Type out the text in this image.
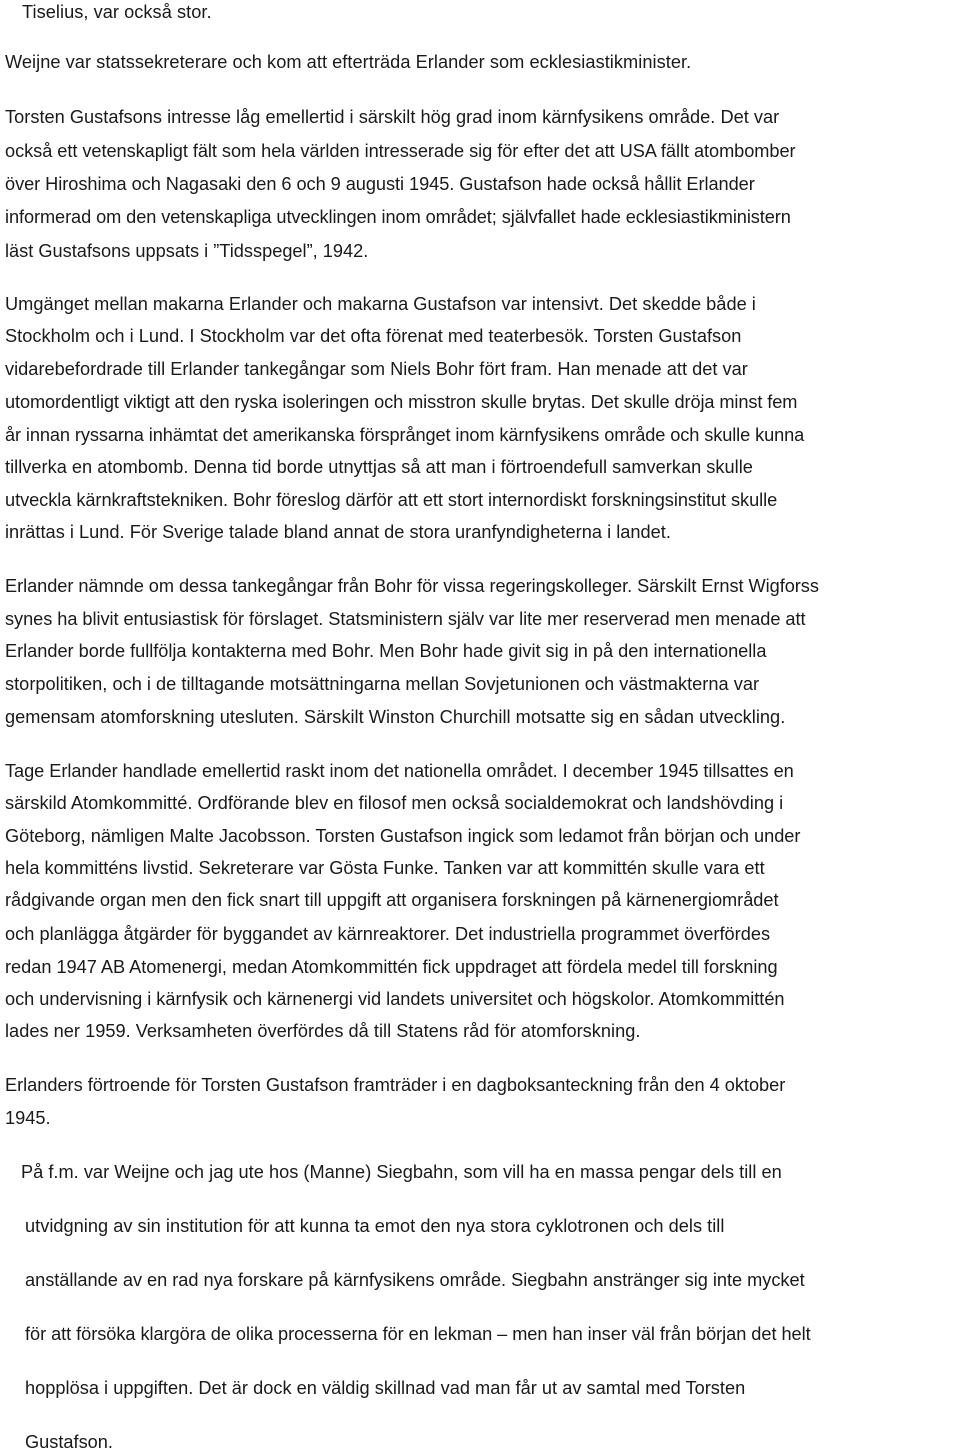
Tiselius, var också stor.

Weijne var statssekreterare och kom att efterträda Erlander som ecklesiastikminister.

Torsten Gustafsons intresse låg emellertid i särskilt hög grad inom kärnfysikens område. Det var

också ett vetenskapligt fält som hela världen intresserade sig för efter det att USA fällt atombomber

över Hiroshima och Nagasaki den 6 och 9 augusti 1945. Gustafson hade också hållit Erlander

informerad om den vetenskapliga utvecklingen inom området; självfallet hade ecklesiastikministern

läst Gustafsons uppsats i ”Tidsspegel”, 1942.

Umgänget mellan makarna Erlander och makarna Gustafson var intensivt. Det skedde både i

Stockholm och i Lund. I Stockholm var det ofta förenat med teaterbesök. Torsten Gustafson

vidarebefordrade till Erlander tankegångar som Niels Bohr fört fram. Han menade att det var

utomordentligt viktigt att den ryska isoleringen och misstron skulle brytas. Det skulle dröja minst fem

år innan ryssarna inhämtat det amerikanska försprånget inom kärnfysikens område och skulle kunna

tillverka en atombomb. Denna tid borde utnyttjas så att man i förtroendefull samverkan skulle

utveckla kärnkraftstekniken. Bohr föreslog därför att ett stort internordiskt forskningsinstitut skulle

inrättas i Lund. För Sverige talade bland annat de stora uranfyndigheterna i landet.

Erlander nämnde om dessa tankegångar från Bohr för vissa regeringskolleger. Särskilt Ernst Wigforss

synes ha blivit entusiastisk för förslaget. Statsministern själv var lite mer reserverad men menade att

Erlander borde fullfölja kontakterna med Bohr. Men Bohr hade givit sig in på den internationella

storpolitiken, och i de tilltagande motsättningarna mellan Sovjetunionen och västmakterna var

gemensam atomforskning utesluten. Särskilt Winston Churchill motsatte sig en sådan utveckling.

Tage Erlander handlade emellertid raskt inom det nationella området. I december 1945 tillsattes en

särskild Atomkommitté. Ordförande blev en filosof men också socialdemokrat och landshövding i

Göteborg, nämligen Malte Jacobsson. Torsten Gustafson ingick som ledamot från början och under

hela kommitténs livstid. Sekreterare var Gösta Funke. Tanken var att kommittén skulle vara ett

rådgivande organ men den fick snart till uppgift att organisera forskningen på kärnenergiområdet

och planlägga åtgärder för byggandet av kärnreaktorer. Det industriella programmet överfördes

redan 1947 AB Atomenergi, medan Atomkommittén fick uppdraget att fördela medel till forskning

och undervisning i kärnfysik och kärnenergi vid landets universitet och högskolor. Atomkommittén

lades ner 1959. Verksamheten överfördes då till Statens råd för atomforskning.

Erlanders förtroende för Torsten Gustafson framträder i en dagboksanteckning från den 4 oktober

1945.

På f.m. var Weijne och jag ute hos (Manne) Siegbahn, som vill ha en massa pengar dels till en

utvidgning av sin institution för att kunna ta emot den nya stora cyklotronen och dels till

anställande av en rad nya forskare på kärnfysikens område. Siegbahn anstränger sig inte mycket

för att försöka klargöra de olika processerna för en lekman – men han inser väl från början det helt

hopplösa i uppgiften. Det är dock en väldig skillnad vad man får ut av samtal med Torsten

Gustafson.
